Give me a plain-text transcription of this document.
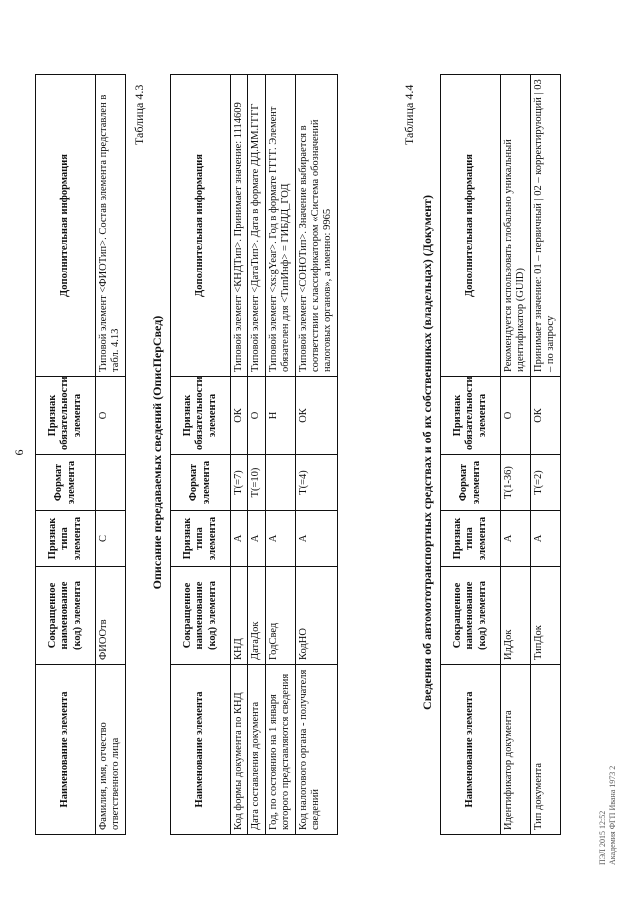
6
Наименование элемента	Сокращенное наименование (код) элемента	Признак типа элемента	Формат элемента	Признак обязательности элемента	Дополнительная информация
Фамилия, имя, отчество ответственного лица	ФИООтв	С		О	Типовой элемент <ФИОТип>. Состав элемента представлен в табл. 4.13
Таблица 4.3
Описание передаваемых сведений (ОписПерСвед)
Наименование элемента	Сокращенное наименование (код) элемента	Признак типа элемента	Формат элемента	Признак обязательности элемента	Дополнительная информация
Код формы документа по КНД	КНД	А	Т(=7)	ОК	Типовой элемент <КНДТип>. Принимает значение: 1114609
Дата составления документа	ДатаДок	А	Т(=10)	О	Типовой элемент <ДатаТип>. Дата в формате ДД.ММ.ГГГГ
Год, по состоянию на 1 января которого представляются сведения	ГодСвед	А		Н	Типовой элемент <xs:gYear>. Год в формате ГГГГ. Элемент обязателен для <ТипИнф> = ГИБДД_ГОД
Код налогового органа - получателя сведений	КодНО	А	Т(=4)	ОК	Типовой элемент <СОНОТип>. Значение выбирается в соответствии с классификатором «Система обозначений налоговых органов», а именно: 9965
Таблица 4.4
Сведения об автомототранспортных средствах и об их собственниках (владельцах) (Документ)
Наименование элемента	Сокращенное наименование (код) элемента	Признак типа элемента	Формат элемента	Признак обязательности элемента	Дополнительная информация
Идентификатор документа	ИдДок	А	Т(1-36)	О	Рекомендуется использовать глобально уникальный идентификатор (GUID)
Тип документа	ТипДок	А	Т(=2)	ОК	Принимает значение: 01 – первичный | 02 – корректирующий | 03 – по запросу
ПЭЛ 2015 12:52 Академия ФГП Ивана 1973 2
